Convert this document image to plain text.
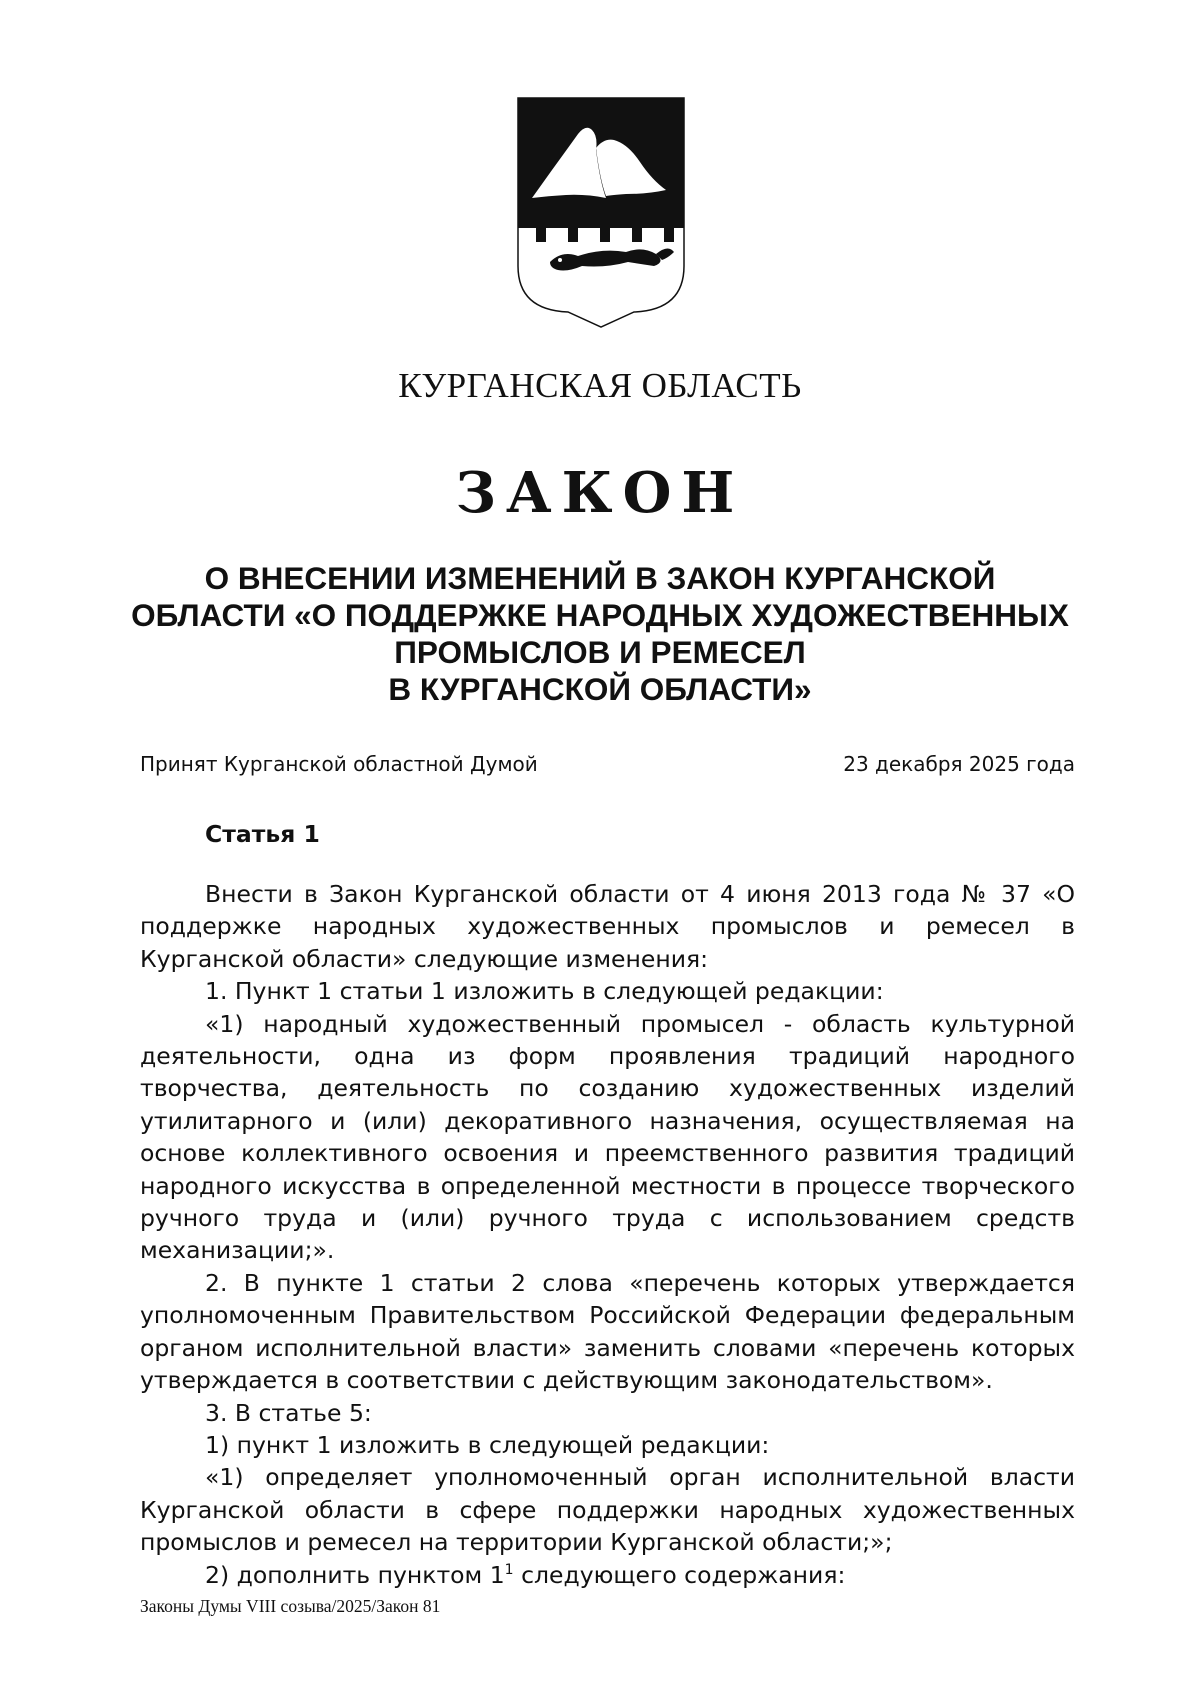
КУРГАНСКАЯ ОБЛАСТЬ
ЗАКОН
О ВНЕСЕНИИ ИЗМЕНЕНИЙ В ЗАКОН КУРГАНСКОЙ
ОБЛАСТИ «О ПОДДЕРЖКЕ НАРОДНЫХ ХУДОЖЕСТВЕННЫХ
ПРОМЫСЛОВ И РЕМЕСЕЛ
В КУРГАНСКОЙ ОБЛАСТИ»
Принят Курганской областной Думой	23 декабря 2025 года
Статья 1

Внести в Закон Курганской области от 4 июня 2013 года № 37 «О поддержке народных художественных промыслов и ремесел в Курганской области» следующие изменения:

1. Пункт 1 статьи 1 изложить в следующей редакции:

«1) народный художественный промысел - область культурной деятельности, одна из форм проявления традиций народного творчества, деятельность по созданию художественных изделий утилитарного и (или) декоративного назначения, осуществляемая на основе коллективного освоения и преемственного развития традиций народного искусства в определенной местности в процессе творческого ручного труда и (или) ручного труда с использованием средств механизации;».

2. В пункте 1 статьи 2 слова «перечень которых утверждается уполномоченным Правительством Российской Федерации федеральным органом исполнительной власти» заменить словами «перечень которых утверждается в соответствии с действующим законодательством».

3. В статье 5:

1) пункт 1 изложить в следующей редакции:

«1) определяет уполномоченный орган исполнительной власти Курганской области в сфере поддержки народных художественных промыслов и ремесел на территории Курганской области;»;

2) дополнить пунктом $1^1$ следующего содержания:

Законы Думы VIII созыва/2025/Закон 81
